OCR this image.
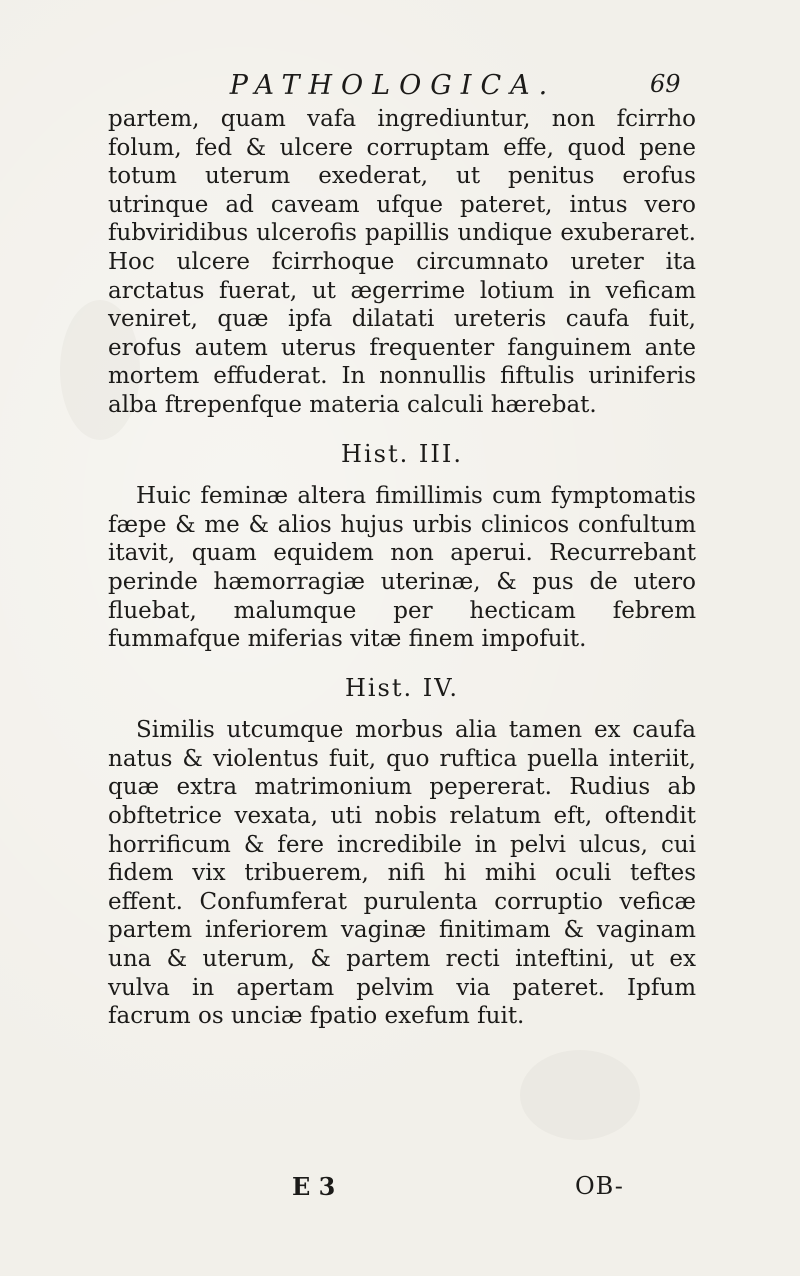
PATHOLOGICA.	69

partem, quam vafa ingrediuntur, non fcirrho folum, fed & ulcere corruptam effe, quod pene totum uterum exederat, ut penitus erofus utrinque ad caveam ufque pateret, intus vero fubviridibus ulcerofis papillis undique exuberaret. Hoc ulcere fcirrhoque circumnato ureter ita arctatus fuerat, ut ægerrime lotium in veficam veniret, quæ ipfa dilatati ureteris caufa fuit, erofus autem uterus frequenter fanguinem ante mortem effuderat. In nonnullis fiftulis uriniferis alba ftrepenfque materia calculi hærebat.

Hist. III.

Huic feminæ altera fimillimis cum fymptomatis fæpe & me & alios hujus urbis clinicos confultum itavit, quam equidem non aperui. Recurrebant perinde hæmorragiæ uterinæ, & pus de utero fluebat, malumque per hecticam febrem fummafque miferias vitæ finem impofuit.

Hist. IV.

Similis utcumque morbus alia tamen ex caufa natus & violentus fuit, quo ruftica puella interiit, quæ extra matrimonium pepererat. Rudius ab obftetrice vexata, uti nobis relatum eft, oftendit horrificum & fere incredibile in pelvi ulcus, cui fidem vix tribuerem, nifi hi mihi oculi teftes effent. Confumferat purulenta corruptio veficæ partem inferiorem vaginæ finitimam & vaginam una & uterum, & partem recti inteftini, ut ex vulva in apertam pelvim via pateret. Ipfum facrum os unciæ fpatio exefum fuit.

E 3	OB-
